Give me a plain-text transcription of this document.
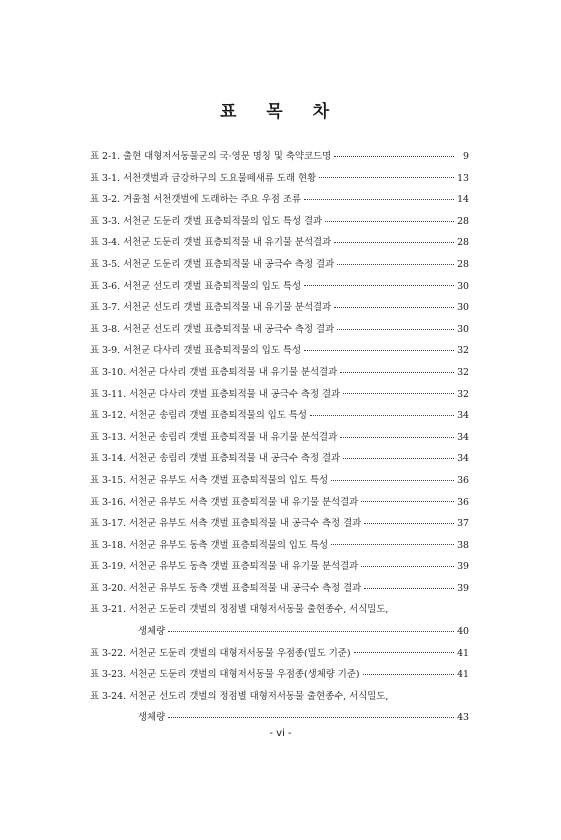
표 목 차
표 2-1. 출현 대형저서동물군의 국·영문 명칭 및 축약코드명	9
표 3-1. 서천갯벌과 금강하구의 도요물떼새류 도래 현황	13
표 3-2. 겨울철 서천갯벌에 도래하는 주요 우점 조류	14
표 3-3. 서천군 도둔리 갯벌 표층퇴적물의 입도 특성 결과	28
표 3-4. 서천군 도둔리 갯벌 표층퇴적물 내 유기물 분석결과	28
표 3-5. 서천군 도둔리 갯벌 표층퇴적물 내 공극수 측정 결과	28
표 3-6. 서천군 선도리 갯벌 표층퇴적물의 입도 특성	30
표 3-7. 서천군 선도리 갯벌 표층퇴적물 내 유기물 분석결과	30
표 3-8. 서천군 선도리 갯벌 표층퇴적물 내 공극수 측정 결과	30
표 3-9. 서천군 다사리 갯벌 표층퇴적물의 입도 특성	32
표 3-10. 서천군 다사리 갯벌 표층퇴적물 내 유기물 분석결과	32
표 3-11. 서천군 다사리 갯벌 표층퇴적물 내 공극수 측정 결과	32
표 3-12. 서천군 송림리 갯벌 표층퇴적물의 입도 특성	34
표 3-13. 서천군 송림리 갯벌 표층퇴적물 내 유기물 분석결과	34
표 3-14. 서천군 송림리 갯벌 표층퇴적물 내 공극수 측정 결과	34
표 3-15. 서천군 유부도 서측 갯벌 표층퇴적물의 입도 특성	36
표 3-16. 서천군 유부도 서측 갯벌 표층퇴적물 내 유기물 분석결과	36
표 3-17. 서천군 유부도 서측 갯벌 표층퇴적물 내 공극수 측정 결과	37
표 3-18. 서천군 유부도 동측 갯벌 표층퇴적물의 입도 특성	38
표 3-19. 서천군 유부도 동측 갯벌 표층퇴적물 내 유기물 분석결과	39
표 3-20. 서천군 유부도 동측 갯벌 표층퇴적물 내 공극수 측정 결과	39
표 3-21. 서천군 도둔리 갯벌의 정점별 대형저서동물 출현종수, 서식밀도,
생체량	40
표 3-22. 서천군 도둔리 갯벌의 대형저서동물 우점종(밀도 기준)	41
표 3-23. 서천군 도둔리 갯벌의 대형저서동물 우점종(생체량 기준)	41
표 3-24. 서천군 선도리 갯벌의 정점별 대형저서동물 출현종수, 서식밀도,
생체량	43
- vi -
